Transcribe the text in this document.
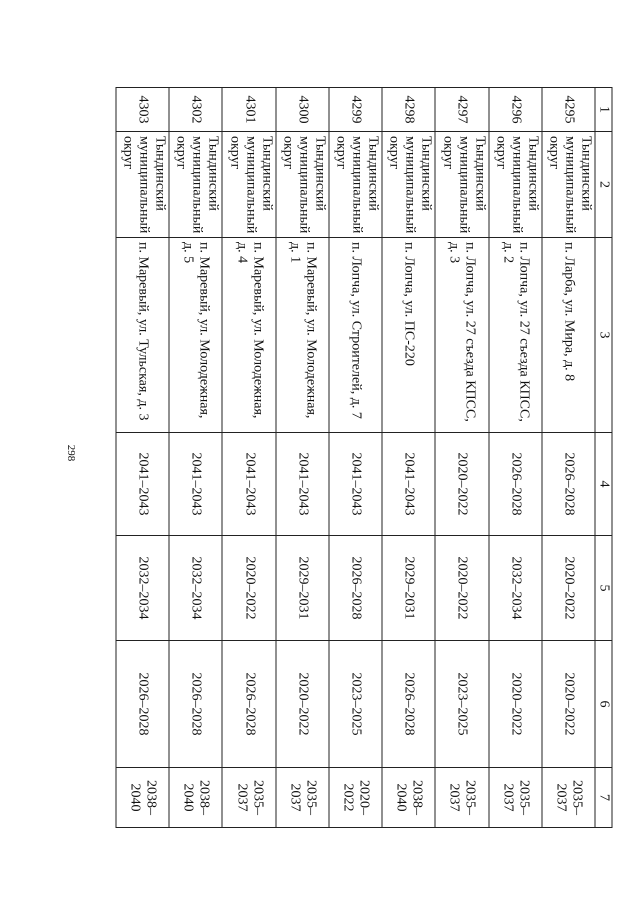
298
1	2	3	4	5	6	7
4295	Тындинский муниципальный округ	п. Ларба, ул. Мира, д. 8	2026–2028	2020–2022	2020–2022	2035–2037
4296	Тындинский муниципальный округ	п. Лопча, ул. 27 съезда КПСС, д. 2	2026–2028	2032–2034	2020–2022	2035–2037
4297	Тындинский муниципальный округ	п. Лопча, ул. 27 съезда КПСС, д. 3	2020–2022	2020–2022	2023–2025	2035–2037
4298	Тындинский муниципальный округ	п. Лопча, ул. ПС-220	2041–2043	2029–2031	2026–2028	2038–2040
4299	Тындинский муниципальный округ	п. Лопча, ул. Строителей, д. 7	2041–2043	2026–2028	2023–2025	2020–2022
4300	Тындинский муниципальный округ	п. Маревый, ул. Молодежная, д. 1	2041–2043	2029–2031	2020–2022	2035–2037
4301	Тындинский муниципальный округ	п. Маревый, ул. Молодежная, д. 4	2041–2043	2020–2022	2026–2028	2035–2037
4302	Тындинский муниципальный округ	п. Маревый, ул. Молодежная, д. 5	2041–2043	2032–2034	2026–2028	2038–2040
4303	Тындинский муниципальный округ	п. Маревый, ул. Тульская, д. 3	2041–2043	2032–2034	2026–2028	2038–2040
